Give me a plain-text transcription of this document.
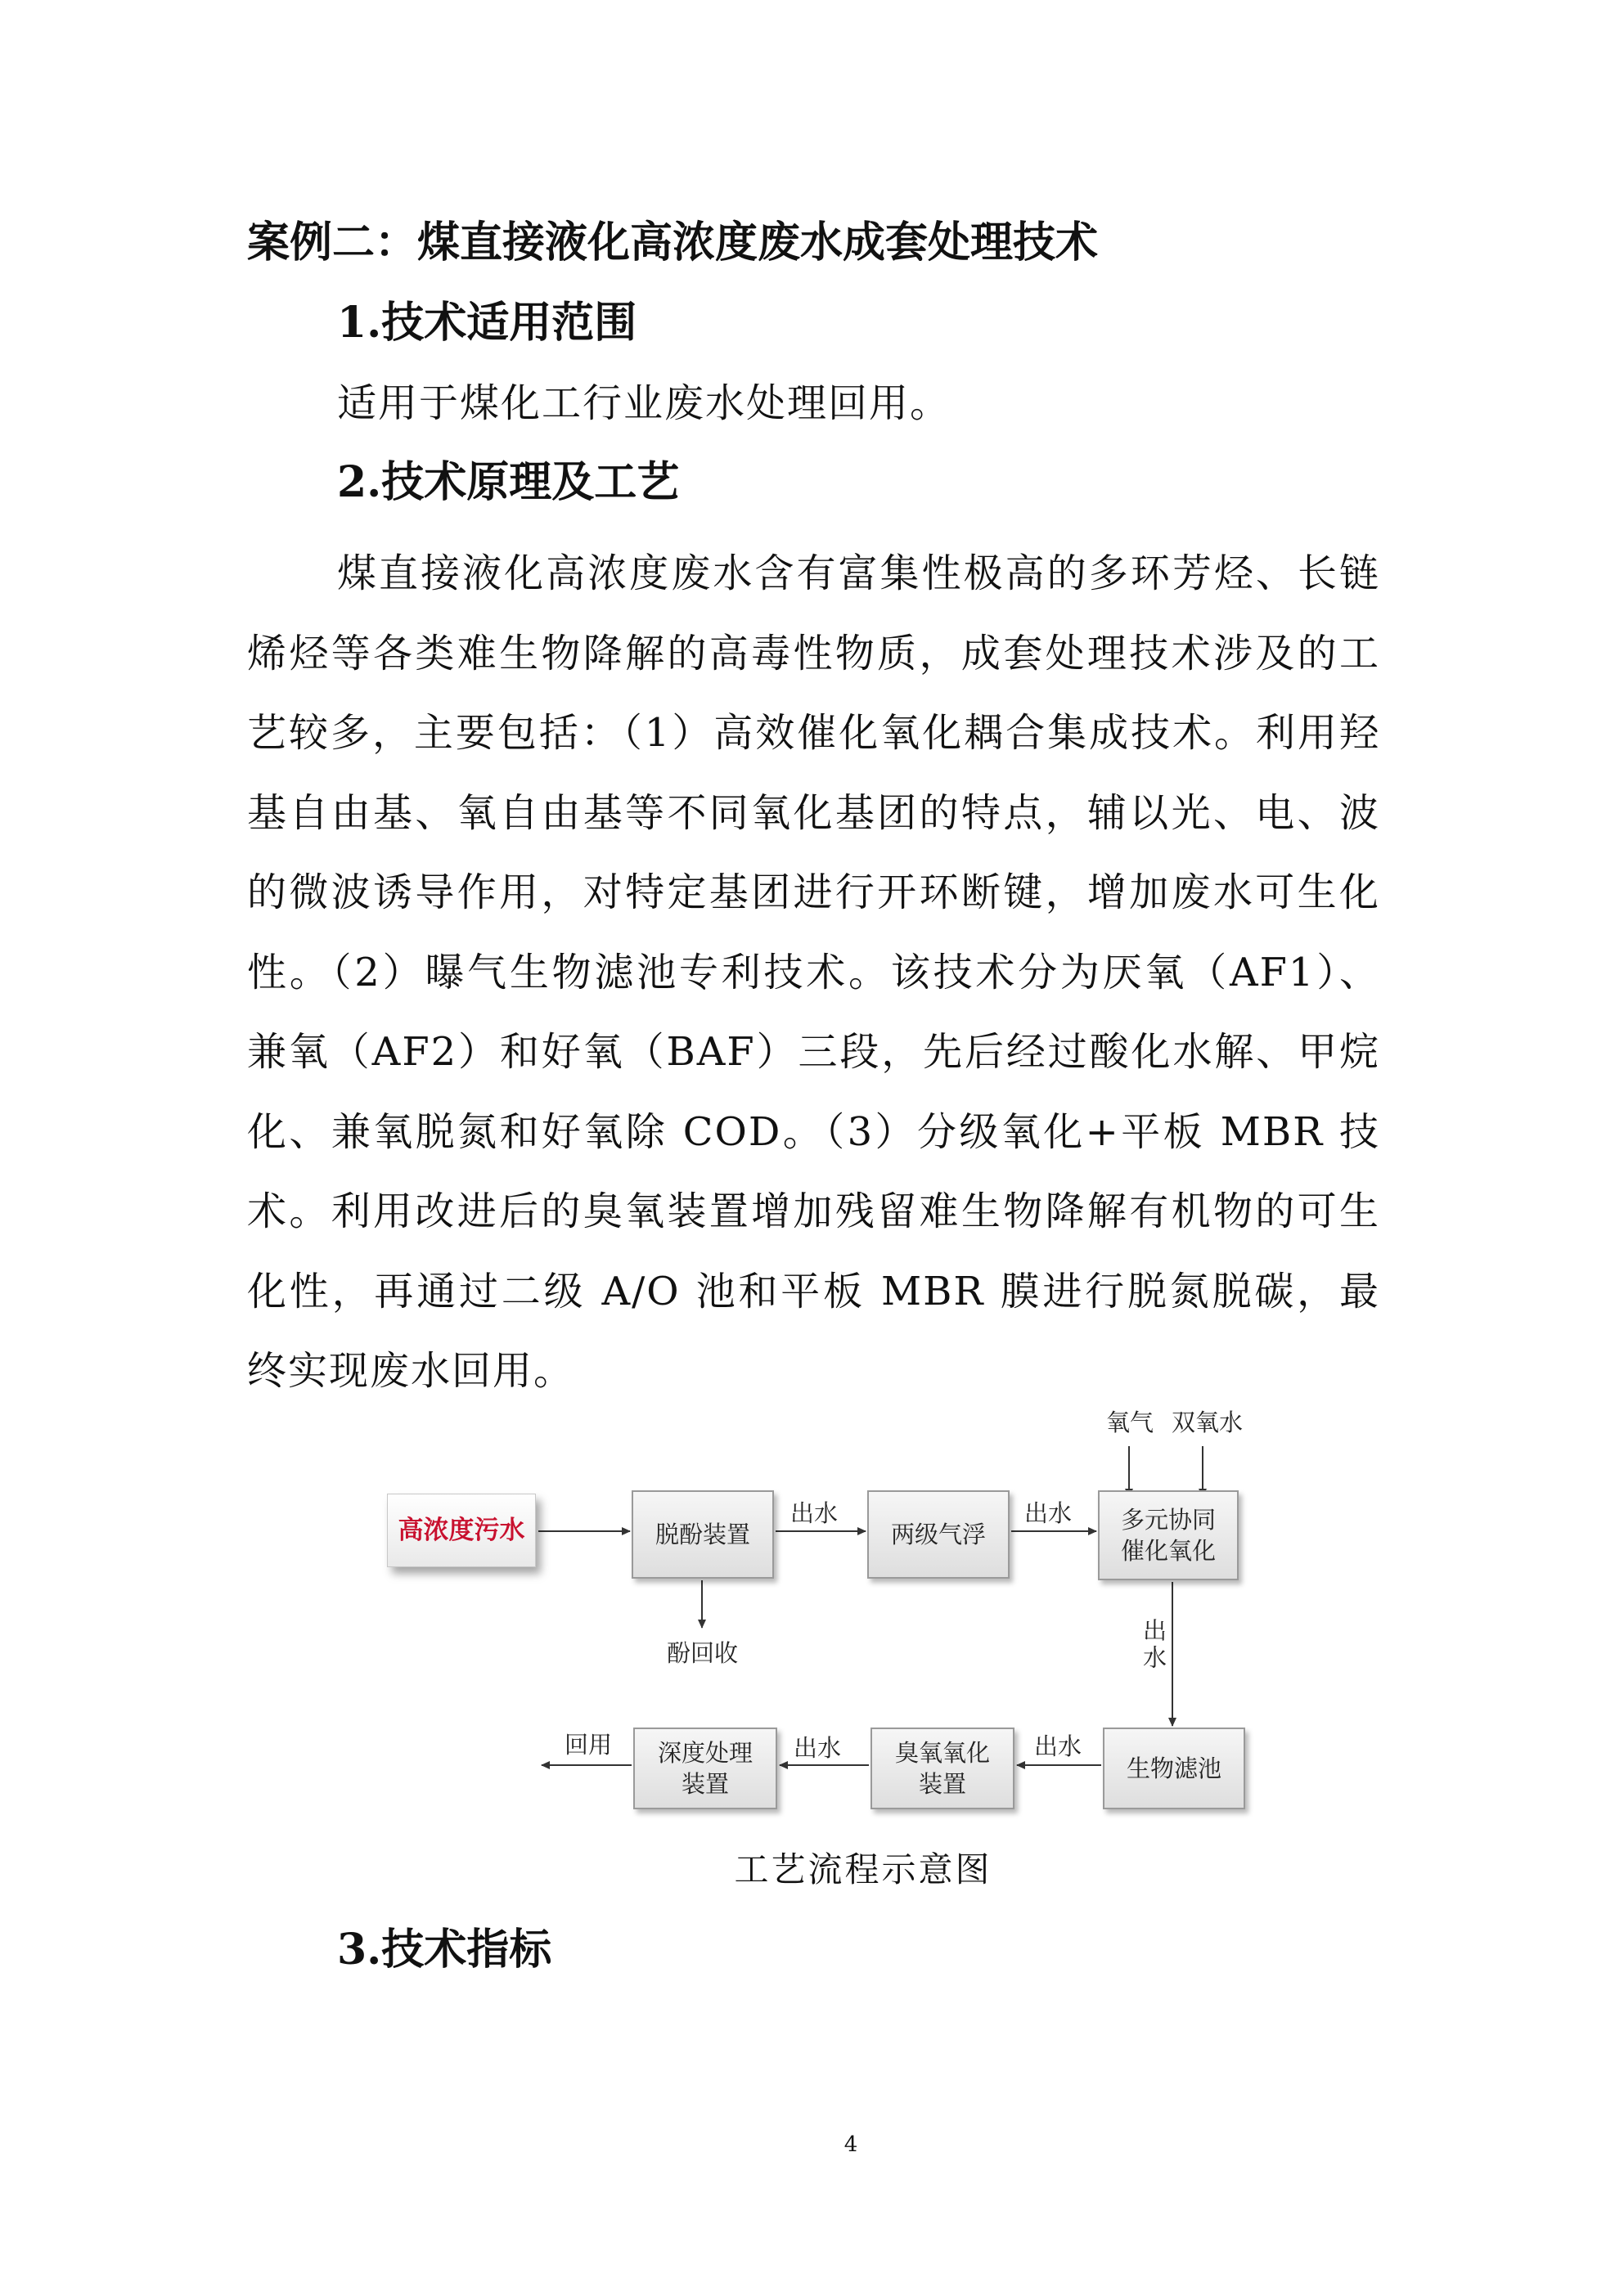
案例二：煤直接液化高浓度废水成套处理技术
1.技术适用范围
适用于煤化工行业废水处理回用。
2.技术原理及工艺

煤直接液化高浓度废水含有富集性极高的多环芳烃、长链烯烃等各类难生物降解的高毒性物质，成套处理技术涉及的工艺较多，主要包括：（1）高效催化氧化耦合集成技术。利用羟基自由基、氧自由基等不同氧化基团的特点，辅以光、电、波的微波诱导作用，对特定基团进行开环断键，增加废水可生化性。（2）曝气生物滤池专利技术。该技术分为厌氧（AF1）、兼氧（AF2）和好氧（BAF）三段，先后经过酸化水解、甲烷化、兼氧脱氮和好氧除 COD。（3）分级氧化+平板 MBR 技术。利用改进后的臭氧装置增加残留难生物降解有机物的可生化性，再通过二级 A/O 池和平板 MBR 膜进行脱氮脱碳，最终实现废水回用。

高浓度污水	脱酚装置	两级气浮
多元协同
催化氧化
生物滤池
臭氧氧化
装置
深度处理
装置
出水	出水
出水
出水
出水
酚回收
氧气 双氧水
回用
工艺流程示意图
3.技术指标
4
